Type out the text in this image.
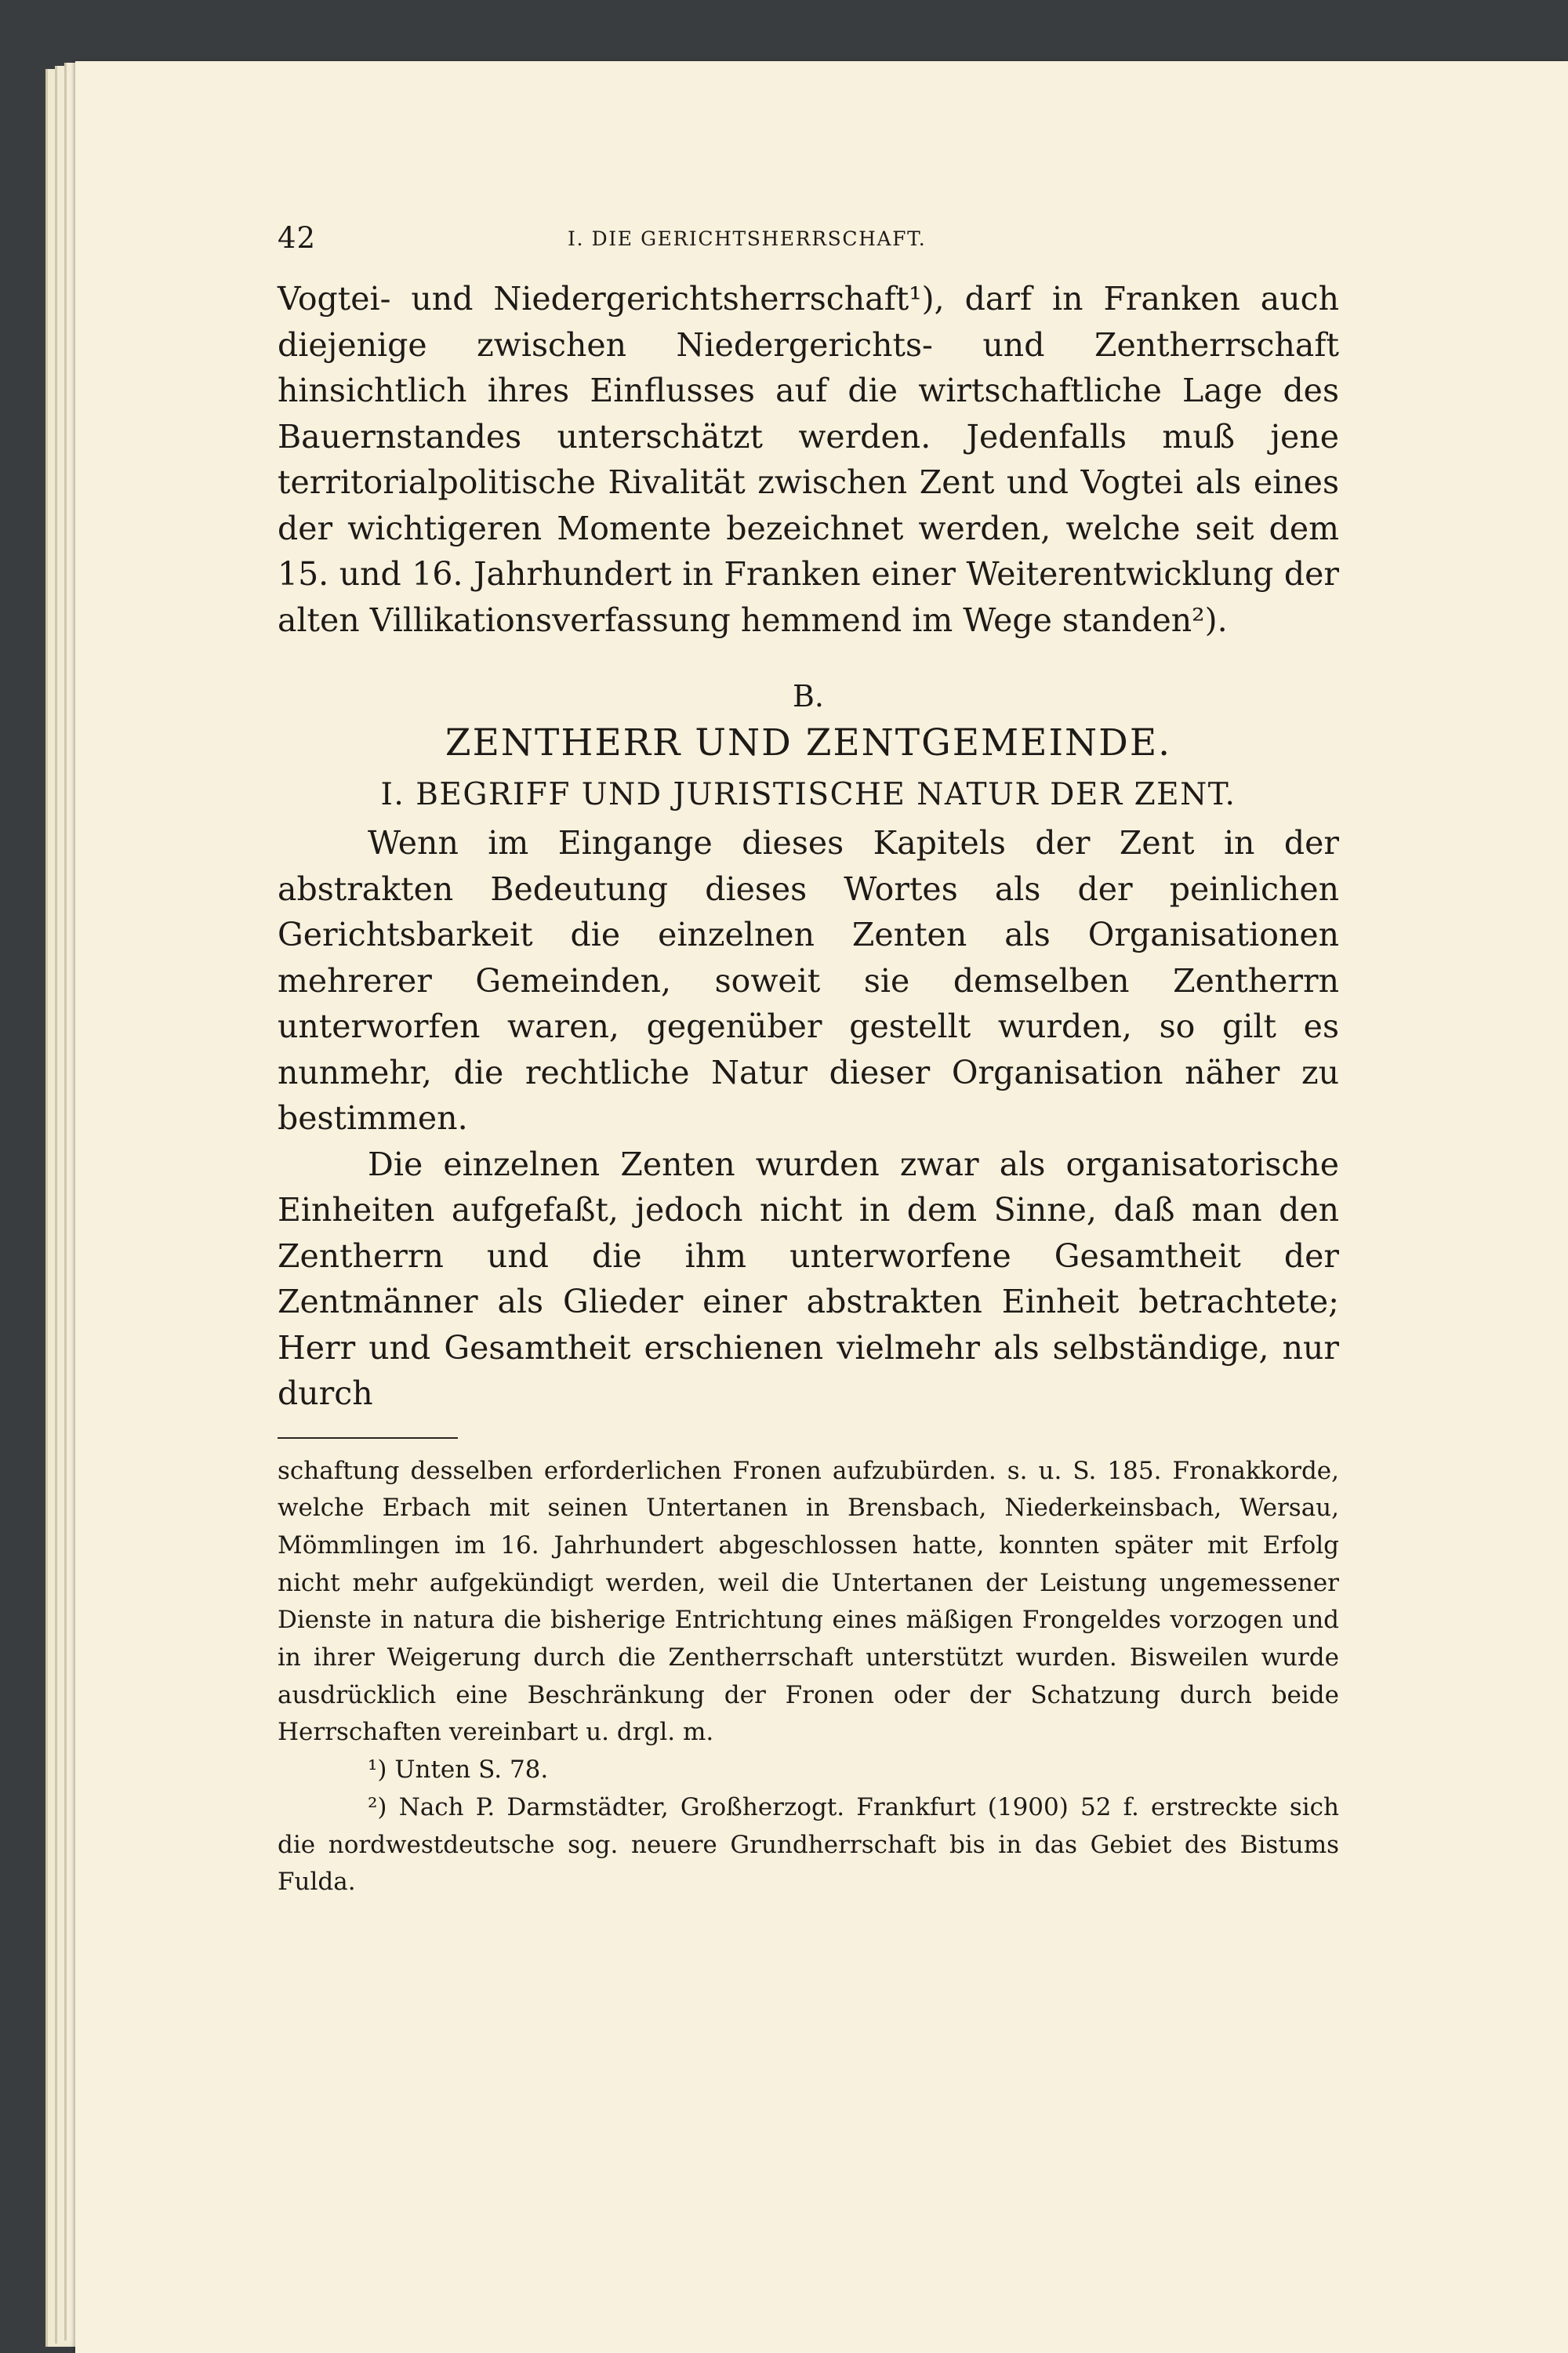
42	I. DIE GERICHTSHERRSCHAFT.

Vogtei- und Niedergerichtsherrschaft¹), darf in Franken auch diejenige zwischen Niedergerichts- und Zentherrschaft hinsichtlich ihres Einflusses auf die wirtschaftliche Lage des Bauernstandes unterschätzt werden. Jedenfalls muß jene territorialpolitische Rivalität zwischen Zent und Vogtei als eines der wichtigeren Momente bezeichnet werden, welche seit dem 15. und 16. Jahrhundert in Franken einer Weiterentwicklung der alten Villikationsverfassung hemmend im Wege standen²).

B.
ZENTHERR UND ZENTGEMEINDE.
I. BEGRIFF UND JURISTISCHE NATUR DER ZENT.

Wenn im Eingange dieses Kapitels der Zent in der abstrakten Bedeutung dieses Wortes als der peinlichen Gerichtsbarkeit die einzelnen Zenten als Organisationen mehrerer Gemeinden, soweit sie demselben Zentherrn unterworfen waren, gegenüber gestellt wurden, so gilt es nunmehr, die rechtliche Natur dieser Organisation näher zu bestimmen.

Die einzelnen Zenten wurden zwar als organisatorische Einheiten aufgefaßt, jedoch nicht in dem Sinne, daß man den Zentherrn und die ihm unterworfene Gesamtheit der Zentmänner als Glieder einer abstrakten Einheit betrachtete; Herr und Gesamtheit erschienen vielmehr als selbständige, nur durch

schaftung desselben erforderlichen Fronen aufzubürden. s. u. S. 185. Fronakkorde, welche Erbach mit seinen Untertanen in Brensbach, Niederkeinsbach, Wersau, Mömmlingen im 16. Jahrhundert abgeschlossen hatte, konnten später mit Erfolg nicht mehr aufgekündigt werden, weil die Untertanen der Leistung ungemessener Dienste in natura die bisherige Entrichtung eines mäßigen Frongeldes vorzogen und in ihrer Weigerung durch die Zentherrschaft unterstützt wurden. Bisweilen wurde ausdrücklich eine Beschränkung der Fronen oder der Schatzung durch beide Herrschaften vereinbart u. drgl. m.

¹) Unten S. 78.

²) Nach P. Darmstädter, Großherzogt. Frankfurt (1900) 52 f. erstreckte sich die nordwestdeutsche sog. neuere Grundherrschaft bis in das Gebiet des Bistums Fulda.
